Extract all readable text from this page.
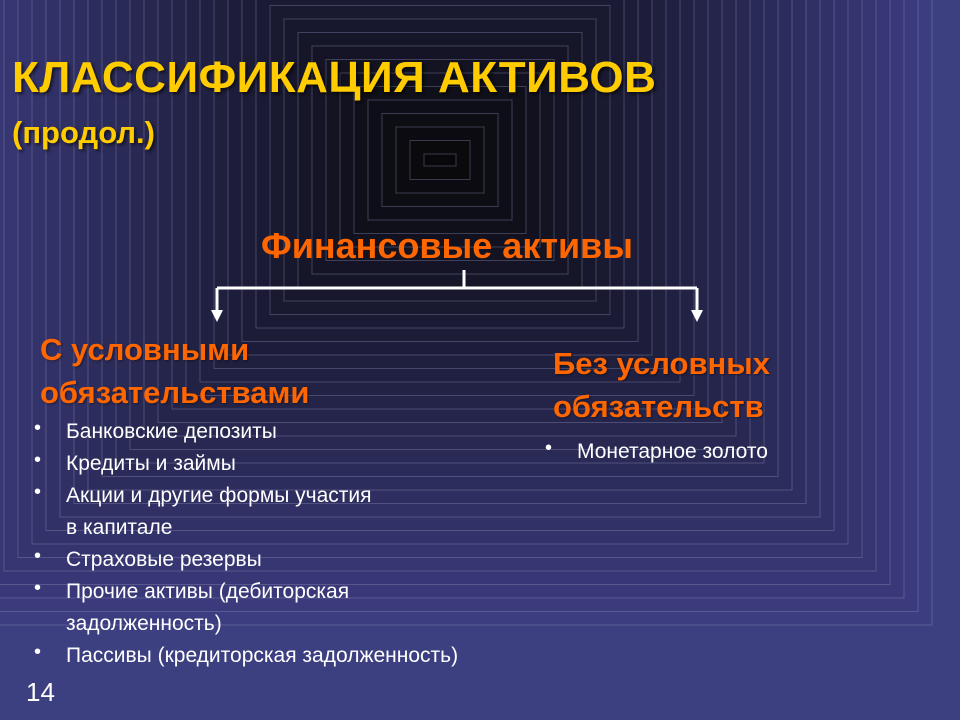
КЛАССИФИКАЦИЯ АКТИВОВ
(продол.)
Финансовые активы
С условными
обязательствами
Без условных
обязательств
• Банковские депозиты
• Кредиты и займы
• Акции и другие формы участия
в капитале
• Страховые резервы
• Прочие активы (дебиторская
задолженность)
• Пассивы (кредиторская задолженность)
• Монетарное золото
14
